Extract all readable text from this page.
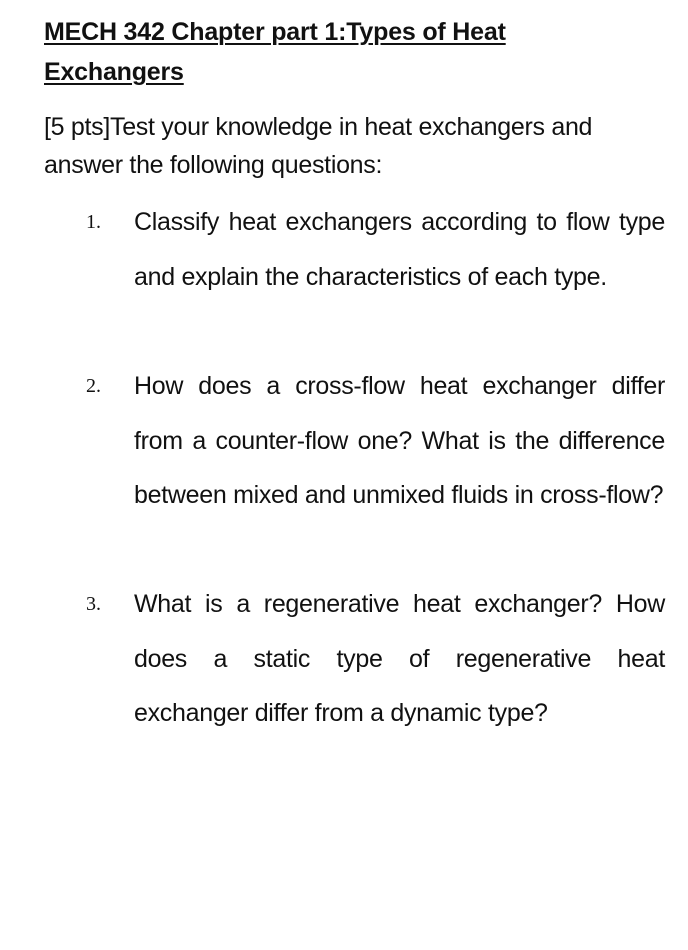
MECH 342 Chapter part 1:Types of Heat Exchangers
[5 pts]Test your knowledge in heat exchangers and answer the following questions:
1. Classify heat exchangers according to flow type and explain the characteristics of each type.
2. How does a cross-flow heat exchanger differ from a counter-flow one? What is the difference between mixed and unmixed fluids in cross-flow?
3. What is a regenerative heat exchanger? How does a static type of regenerative heat exchanger differ from a dynamic type?
